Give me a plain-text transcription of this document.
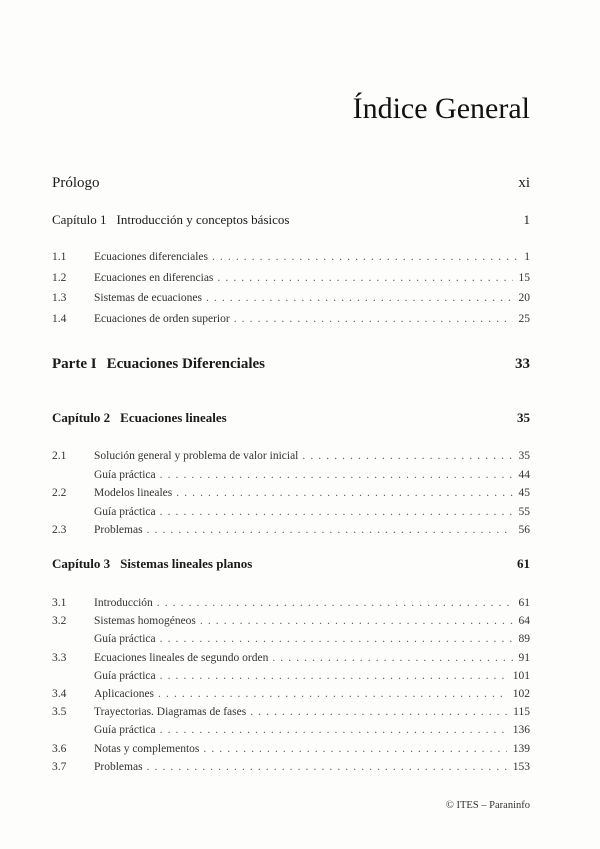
Índice General
Prólogo	xi
Capítulo 1 Introducción y conceptos básicos	1
1.1	Ecuaciones diferenciales . . .	1
1.2	Ecuaciones en diferencias . . .	15
1.3	Sistemas de ecuaciones . . .	20
1.4	Ecuaciones de orden superior . . .	25
Parte I Ecuaciones Diferenciales	33
Capítulo 2 Ecuaciones lineales	35
2.1	Solución general y problema de valor inicial . . .	35
Guía práctica . . .	44
2.2	Modelos lineales . . .	45
Guía práctica . . .	55
2.3	Problemas . . .	56
Capítulo 3 Sistemas lineales planos	61
3.1	Introducción . . .	61
3.2	Sistemas homogéneos . . .	64
Guía práctica . . .	89
3.3	Ecuaciones lineales de segundo orden . . .	91
Guía práctica . . .	101
3.4	Aplicaciones . . .	102
3.5	Trayectorias. Diagramas de fases . . .	115
Guía práctica . . .	136
3.6	Notas y complementos . . .	139
3.7	Problemas . . .	153
© ITES – Paraninfo
